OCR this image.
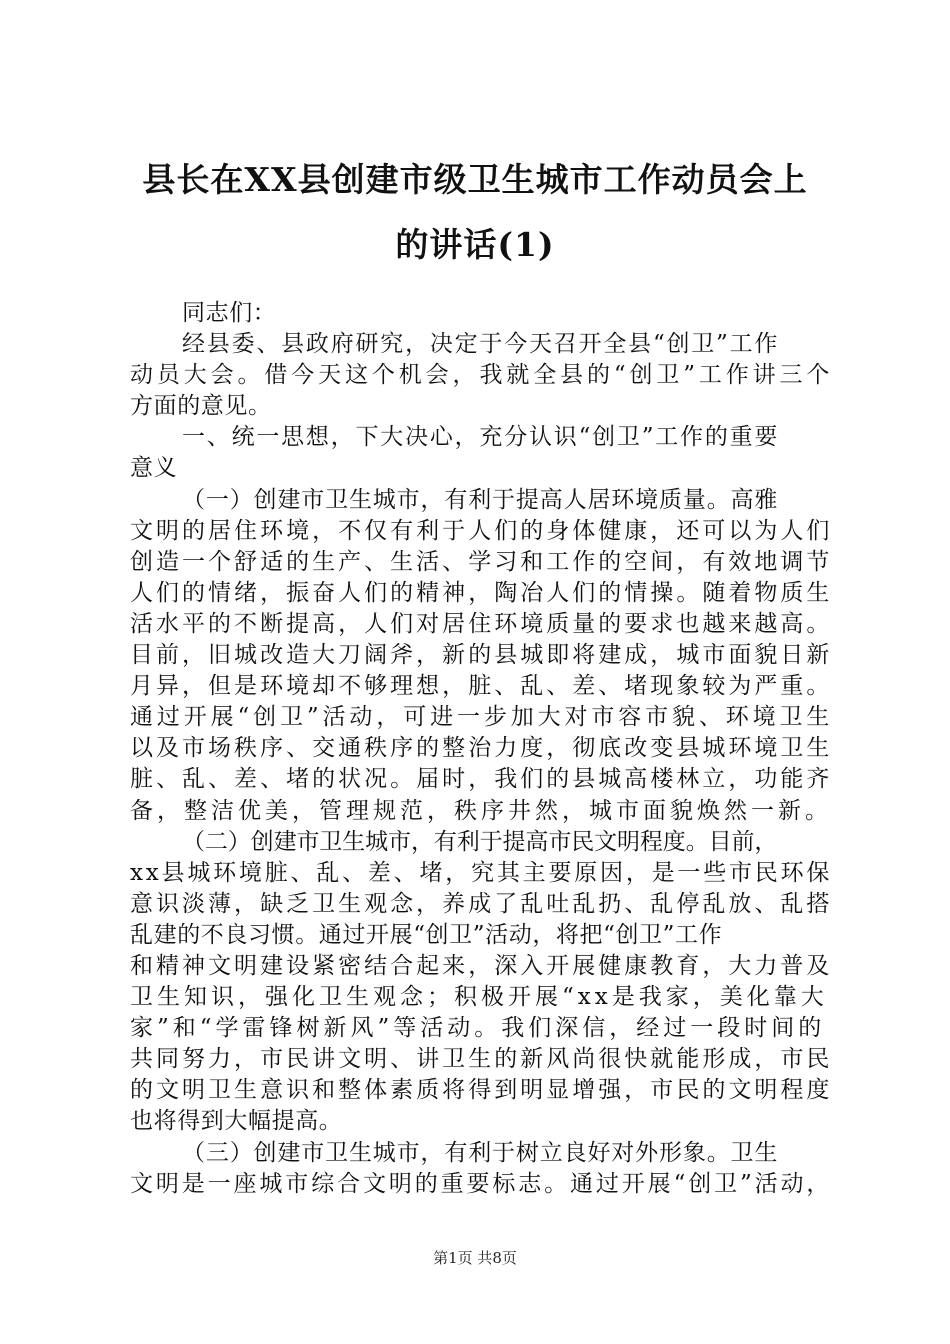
县长在XX县创建市级卫生城市工作动员会上
的讲话(1)

同志们：

经县委、县政府研究，决定于今天召开全县“创卫”工作
动员大会。借今天这个机会，我就全县的“创卫”工作讲三个
方面的意见。

一、统一思想，下大决心，充分认识“创卫”工作的重要
意义

（一）创建市卫生城市，有利于提高人居环境质量。高雅
文明的居住环境，不仅有利于人们的身体健康，还可以为人们
创造一个舒适的生产、生活、学习和工作的空间，有效地调节
人们的情绪，振奋人们的精神，陶冶人们的情操。随着物质生
活水平的不断提高，人们对居住环境质量的要求也越来越高。
目前，旧城改造大刀阔斧，新的县城即将建成，城市面貌日新
月异，但是环境却不够理想，脏、乱、差、堵现象较为严重。
通过开展“创卫”活动，可进一步加大对市容市貌、环境卫生
以及市场秩序、交通秩序的整治力度，彻底改变县城环境卫生
脏、乱、差、堵的状况。届时，我们的县城高楼林立，功能齐
备，整洁优美，管理规范，秩序井然，城市面貌焕然一新。

（二）创建市卫生城市，有利于提高市民文明程度。目前，
xx县城环境脏、乱、差、堵，究其主要原因，是一些市民环保
意识淡薄，缺乏卫生观念，养成了乱吐乱扔、乱停乱放、乱搭
乱建的不良习惯。通过开展“创卫”活动，将把“创卫”工作
和精神文明建设紧密结合起来，深入开展健康教育，大力普及
卫生知识，强化卫生观念；积极开展“xx是我家，美化靠大
家”和“学雷锋树新风”等活动。我们深信，经过一段时间的
共同努力，市民讲文明、讲卫生的新风尚很快就能形成，市民
的文明卫生意识和整体素质将得到明显增强，市民的文明程度
也将得到大幅提高。

（三）创建市卫生城市，有利于树立良好对外形象。卫生
文明是一座城市综合文明的重要标志。通过开展“创卫”活动，

第1页 共8页
